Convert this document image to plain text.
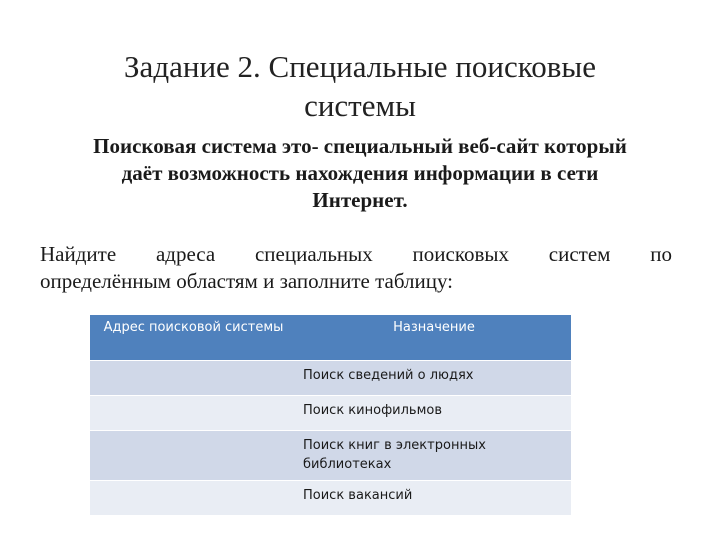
Задание 2. Специальные поисковые
системы
Поисковая система это- специальный веб-сайт который
даёт возможность нахождения информации в сети
Интернет.
Найдите адреса специальных поисковых систем по
определённым областям и заполните таблицу:
Адрес поисковой системы	Назначение
	Поиск сведений о людях
	Поиск кинофильмов
	Поиск книг в электронных библиотеках
	Поиск вакансий
